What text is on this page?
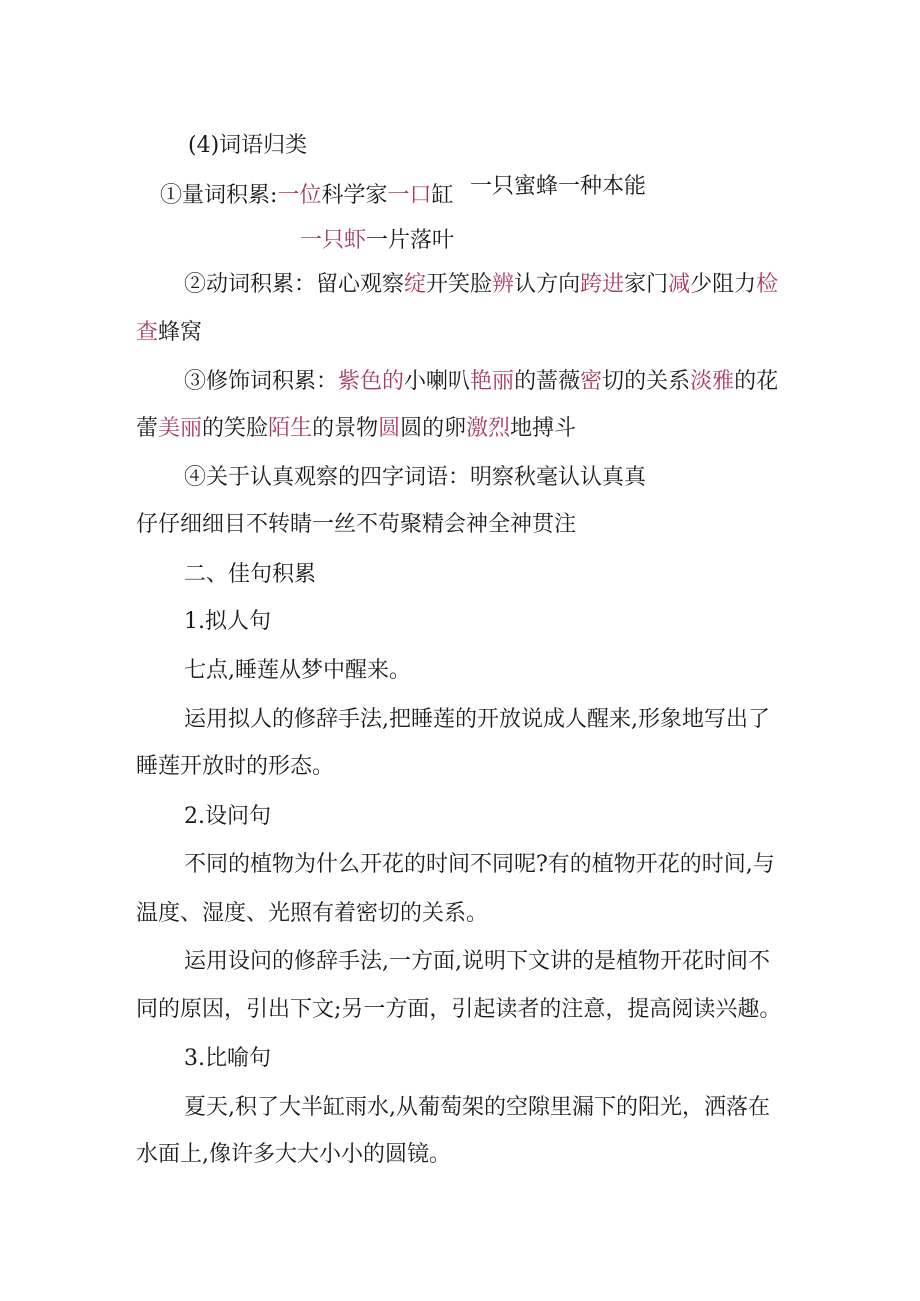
(4)词语归类
①量词积累:一位科学家一口缸 一只蜜蜂一种本能
一只虾一片落叶
②动词积累：留心观察绽开笑脸辨认方向跨进家门减少阻力检
查蜂窝
③修饰词积累：紫色的小喇叭艳丽的蔷薇密切的关系淡雅的花
蕾美丽的笑脸陌生的景物圆圆的卵激烈地搏斗
④关于认真观察的四字词语：明察秋毫认认真真
仔仔细细目不转睛一丝不苟聚精会神全神贯注
二、佳句积累
1.拟人句
七点,睡莲从梦中醒来。
运用拟人的修辞手法,把睡莲的开放说成人醒来,形象地写出了
睡莲开放时的形态。
2.设问句
不同的植物为什么开花的时间不同呢?有的植物开花的时间,与
温度、湿度、光照有着密切的关系。
运用设问的修辞手法,一方面,说明下文讲的是植物开花时间不
同的原因，引出下文;另一方面，引起读者的注意，提高阅读兴趣。
3.比喻句
夏天,积了大半缸雨水,从葡萄架的空隙里漏下的阳光，洒落在
水面上,像许多大大小小的圆镜。
